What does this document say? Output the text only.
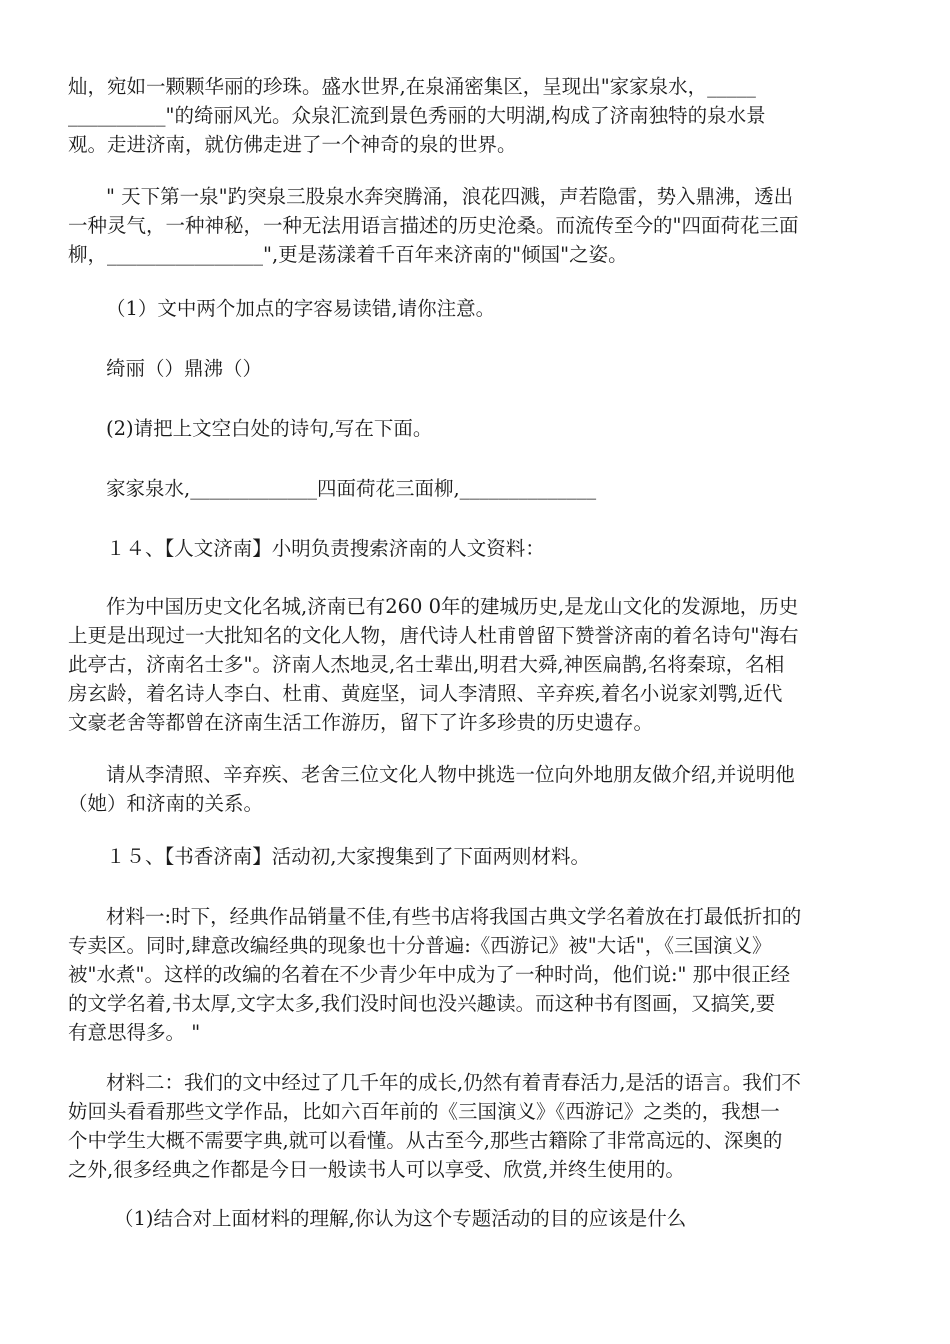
灿，宛如一颗颗华丽的珍珠。盛水世界,在泉涌密集区，呈现出"家家泉水，_____
__________"的绮丽风光。众泉汇流到景色秀丽的大明湖,构成了济南独特的泉水景
观。走进济南，就仿佛走进了一个神奇的泉的世界。

" 天下第一泉"趵突泉三股泉水奔突腾涌，浪花四溅，声若隐雷，势入鼎沸，透出
一种灵气，一种神秘，一种无法用语言描述的历史沧桑。而流传至今的"四面荷花三面
柳，________________",更是荡漾着千百年来济南的"倾国"之姿。

（1）文中两个加点的字容易读错,请你注意。

绮丽（）鼎沸（）

(2)请把上文空白处的诗句,写在下面。

家家泉水,_____________四面荷花三面柳,______________

１４、【人文济南】小明负责搜索济南的人文资料：

作为中国历史文化名城,济南已有260 0年的建城历史,是龙山文化的发源地，历史
上更是出现过一大批知名的文化人物，唐代诗人杜甫曾留下赞誉济南的着名诗句"海右
此亭古，济南名士多"。济南人杰地灵,名士辈出,明君大舜,神医扁鹊,名将秦琼，名相
房玄龄，着名诗人李白、杜甫、黄庭坚，词人李清照、辛弃疾,着名小说家刘鹗,近代
文豪老舍等都曾在济南生活工作游历，留下了许多珍贵的历史遗存。

请从李清照、辛弃疾、老舍三位文化人物中挑选一位向外地朋友做介绍,并说明他
（她）和济南的关系。

１５、【书香济南】活动初,大家搜集到了下面两则材料。

材料一:时下，经典作品销量不佳,有些书店将我国古典文学名着放在打最低折扣的
专卖区。同时,肆意改编经典的现象也十分普遍:《西游记》被"大话"，《三国演义》
被"水煮"。这样的改编的名着在不少青少年中成为了一种时尚，他们说:" 那中很正经
的文学名着,书太厚,文字太多,我们没时间也没兴趣读。而这种书有图画，又搞笑,要
有意思得多。 "

材料二：我们的文中经过了几千年的成长,仍然有着青春活力,是活的语言。我们不
妨回头看看那些文学作品，比如六百年前的《三国演义》《西游记》之类的，我想一
个中学生大概不需要字典,就可以看懂。从古至今,那些古籍除了非常高远的、深奥的
之外,很多经典之作都是今日一般读书人可以享受、欣赏,并终生使用的。

（1)结合对上面材料的理解,你认为这个专题活动的目的应该是什么
